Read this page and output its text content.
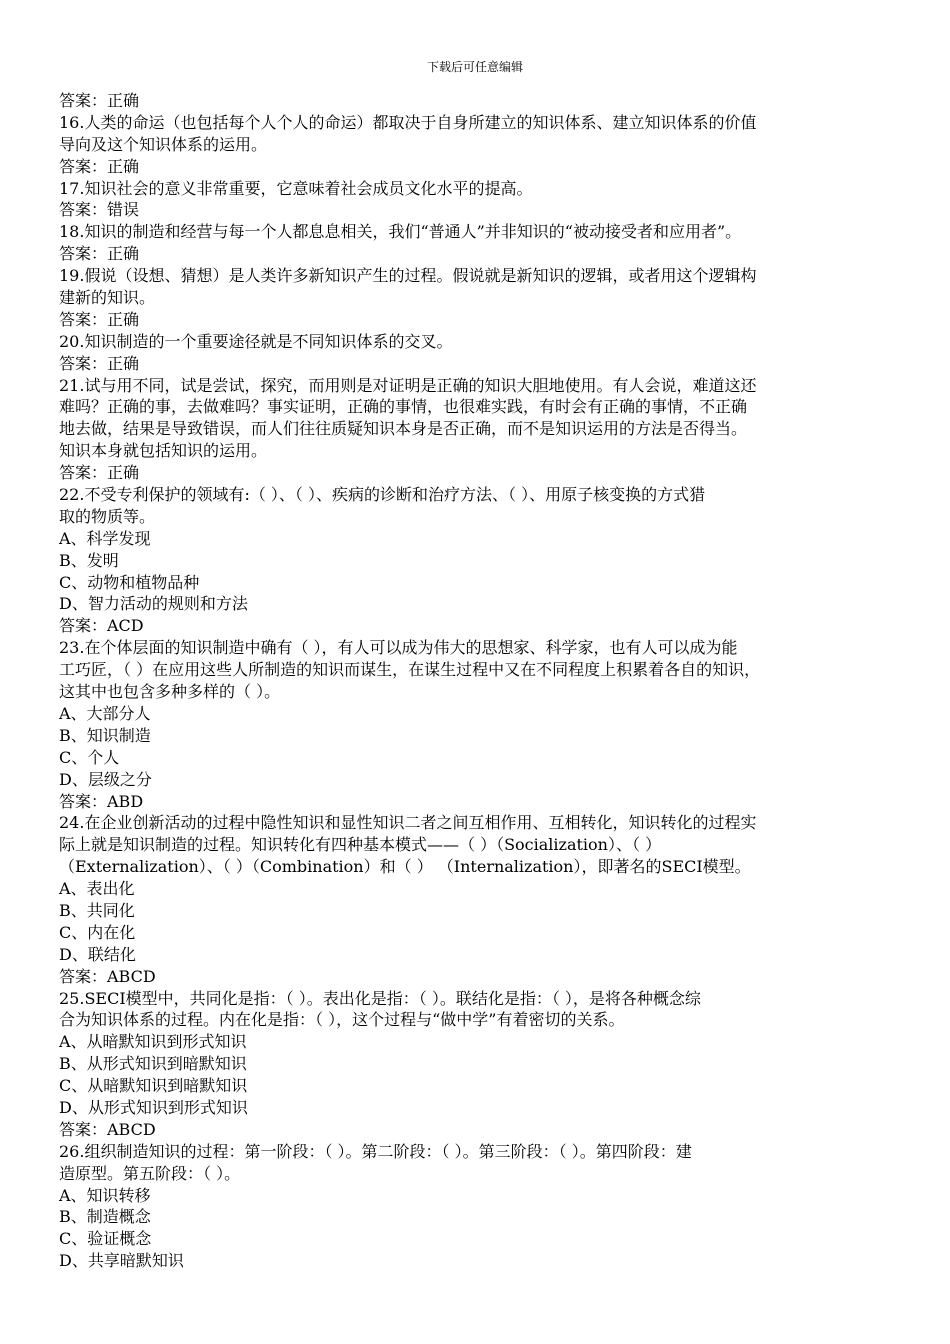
下载后可任意编辑
答案：正确
16.人类的命运（也包括每个人个人的命运）都取决于自身所建立的知识体系、建立知识体系的价值
导向及这个知识体系的运用。
答案：正确
17.知识社会的意义非常重要，它意味着社会成员文化水平的提高。
答案：错误
18.知识的制造和经营与每一个人都息息相关，我们“普通人”并非知识的“被动接受者和应用者”。
答案：正确
19.假说（设想、猜想）是人类许多新知识产生的过程。假说就是新知识的逻辑，或者用这个逻辑构
建新的知识。
答案：正确
20.知识制造的一个重要途径就是不同知识体系的交叉。
答案：正确
21.试与用不同，试是尝试，探究，而用则是对证明是正确的知识大胆地使用。有人会说，难道这还
难吗？正确的事，去做难吗？事实证明，正确的事情，也很难实践，有时会有正确的事情，不正确
地去做，结果是导致错误，而人们往往质疑知识本身是否正确，而不是知识运用的方法是否得当。
知识本身就包括知识的运用。
答案：正确
22.不受专利保护的领域有:（ ）、（ ）、疾病的诊断和治疗方法、（ ）、用原子核变换的方式猎
取的物质等。
A、科学发现
B、发明
C、动物和植物品种
D、智力活动的规则和方法
答案：ACD
23.在个体层面的知识制造中确有（ ），有人可以成为伟大的思想家、科学家，也有人可以成为能
工巧匠，（ ）在应用这些人所制造的知识而谋生，在谋生过程中又在不同程度上积累着各自的知识，
这其中也包含多种多样的（ ）。
A、大部分人
B、知识制造
C、个人
D、层级之分
答案：ABD
24.在企业创新活动的过程中隐性知识和显性知识二者之间互相作用、互相转化，知识转化的过程实
际上就是知识制造的过程。知识转化有四种基本模式——（ ）（Socialization）、（ ）
（Externalization）、（ ）（Combination）和（ ） （Internalization），即著名的SECI模型。
A、表出化
B、共同化
C、内在化
D、联结化
答案：ABCD
25.SECI模型中，共同化是指：（ ）。表出化是指：（ ）。联结化是指：（ ），是将各种概念综
合为知识体系的过程。内在化是指：（ ），这个过程与“做中学”有着密切的关系。
A、从暗默知识到形式知识
B、从形式知识到暗默知识
C、从暗默知识到暗默知识
D、从形式知识到形式知识
答案：ABCD
26.组织制造知识的过程：第一阶段：（ ）。第二阶段：（ ）。第三阶段：（ ）。第四阶段：建
造原型。第五阶段：（ ）。
A、知识转移
B、制造概念
C、验证概念
D、共享暗默知识
